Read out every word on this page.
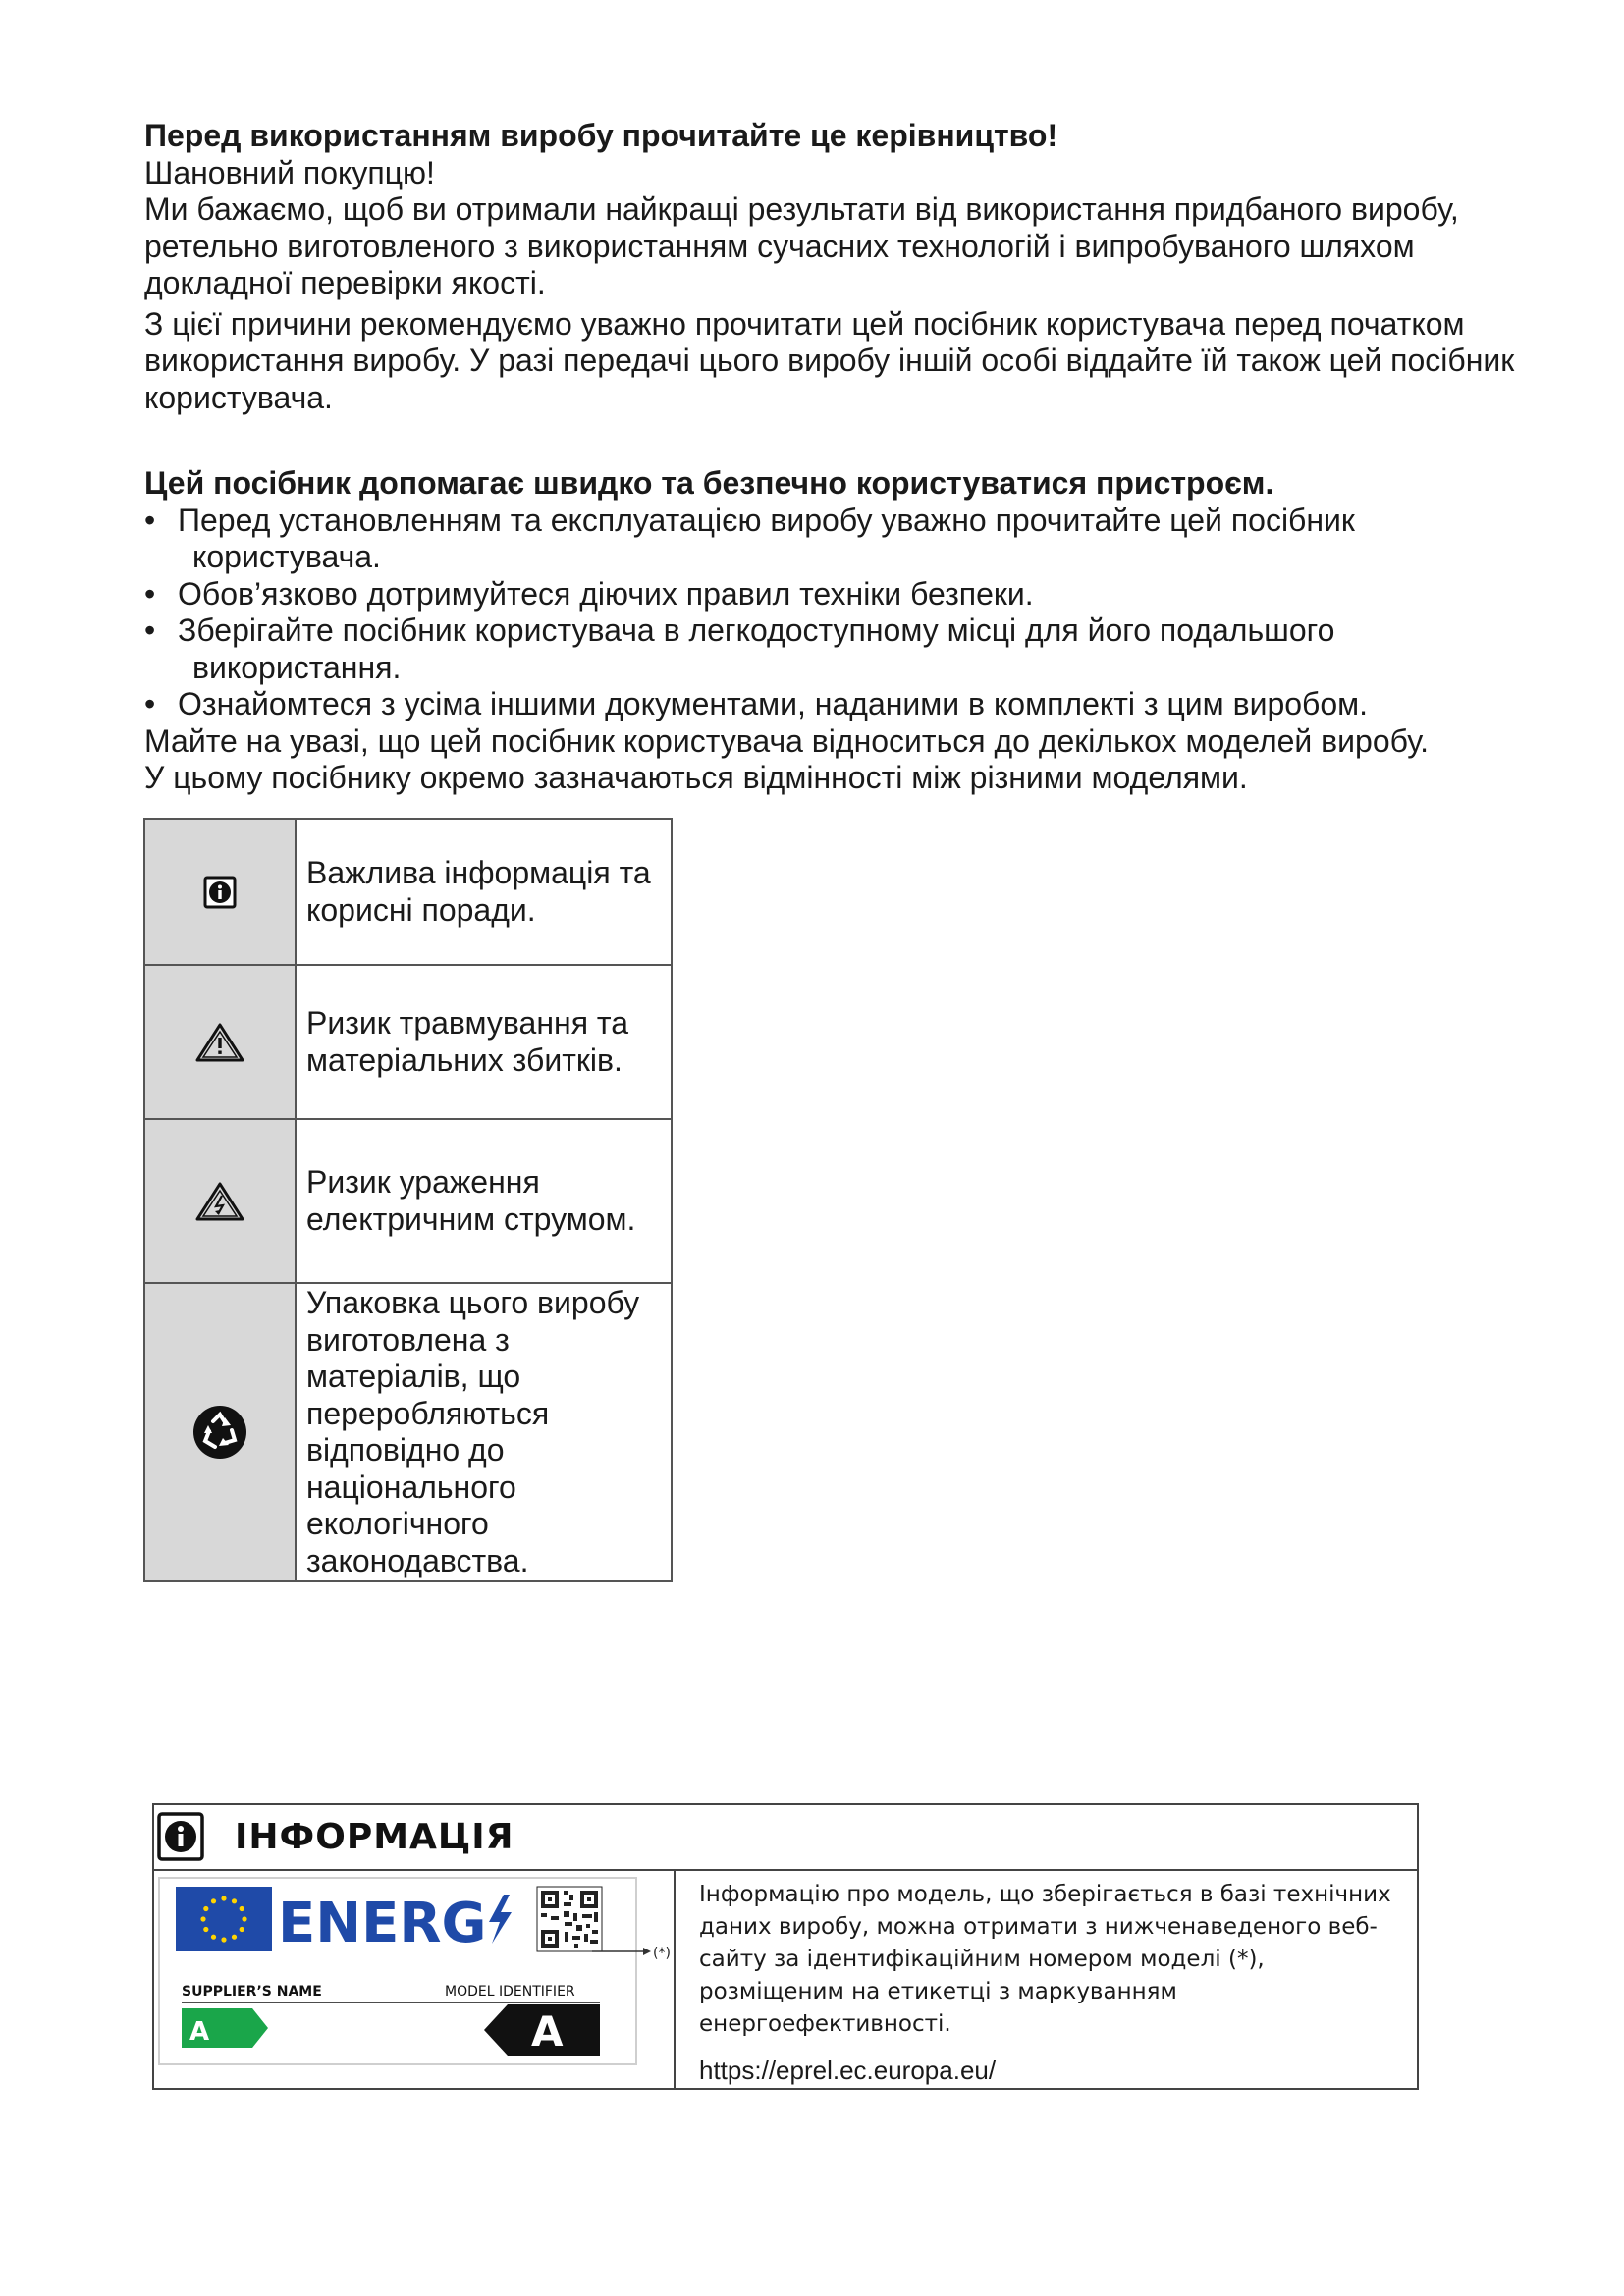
Перед використанням виробу прочитайте це керівництво!

Шановний покупцю!

Ми бажаємо, щоб ви отримали найкращі результати від використання придбаного виробу, ретельно виготовленого з використанням сучасних технологій і випробуваного шляхом докладної перевірки якості.

З цієї причини рекомендуємо уважно прочитати цей посібник користувача перед початком використання виробу. У разі передачі цього виробу іншій особі віддайте їй також цей посібник користувача.

Цей посібник допомагає швидко та безпечно користуватися пристроєм.

• Перед установленням та експлуатацією виробу уважно прочитайте цей посібник
користувача.

• Обов’язково дотримуйтеся діючих правил техніки безпеки.

• Зберігайте посібник користувача в легкодоступному місці для його подальшого
використання.

• Ознайомтеся з усіма іншими документами, наданими в комплекті з цим виробом.

Майте на увазі, що цей посібник користувача відноситься до декількох моделей виробу.

У цьому посібнику окремо зазначаються відмінності між різними моделями.

	Важлива інформація та корисні поради.

	Ризик травмування та матеріальних збитків.

	Ризик ураження електричним струмом.

	Упаковка цього виробу виготовлена з матеріалів, що переробляються відповідно до національного екологічного законодавства.
ІНФОРМАЦІЯ
ENERG
SUPPLIER’S NAME	MODEL IDENTIFIER
A	A
(*)

Інформацію про модель, що зберігається в базі технічних даних виробу, можна отримати з нижченаведеного веб-сайту за ідентифікаційним номером моделі (*), розміщеним на етикетці з маркуванням енергоефективності.

https://eprel.ec.europa.eu/
